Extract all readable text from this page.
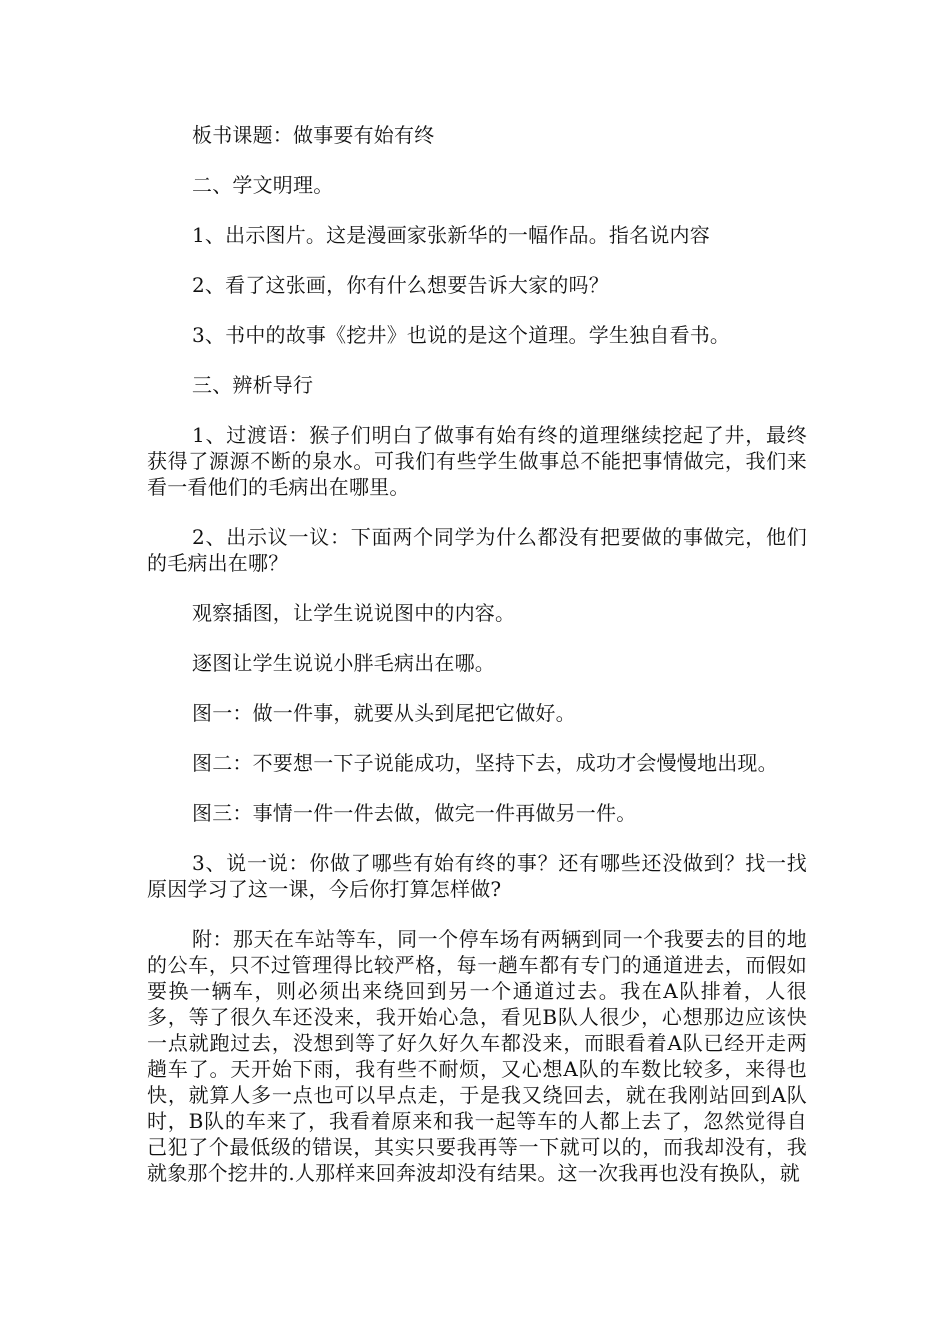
板书课题：做事要有始有终

二、学文明理。

1、出示图片。这是漫画家张新华的一幅作品。指名说内容

2、看了这张画，你有什么想要告诉大家的吗？

3、书中的故事《挖井》也说的是这个道理。学生独自看书。

三、辨析导行

1、过渡语：猴子们明白了做事有始有终的道理继续挖起了井，最终获得了源源不断的泉水。可我们有些学生做事总不能把事情做完，我们来看一看他们的毛病出在哪里。

2、出示议一议：下面两个同学为什么都没有把要做的事做完，他们的毛病出在哪？

观察插图，让学生说说图中的内容。

逐图让学生说说小胖毛病出在哪。

图一：做一件事，就要从头到尾把它做好。

图二：不要想一下子说能成功，坚持下去，成功才会慢慢地出现。

图三：事情一件一件去做，做完一件再做另一件。

3、说一说：你做了哪些有始有终的事？还有哪些还没做到？找一找原因学习了这一课，今后你打算怎样做?

附：那天在车站等车，同一个停车场有两辆到同一个我要去的目的地的公车，只不过管理得比较严格，每一趟车都有专门的通道进去，而假如要换一辆车，则必须出来绕回到另一个通道过去。我在A队排着，人很多，等了很久车还没来，我开始心急，看见B队人很少，心想那边应该快一点就跑过去，没想到等了好久好久车都没来，而眼看着A队已经开走两趟车了。天开始下雨，我有些不耐烦，又心想A队的车数比较多，来得也快，就算人多一点也可以早点走，于是我又绕回去，就在我刚站回到A队时，B队的车来了，我看着原来和我一起等车的人都上去了，忽然觉得自己犯了个最低级的错误，其实只要我再等一下就可以的，而我却没有，我就象那个挖井的.人那样来回奔波却没有结果。这一次我再也没有换队，就
